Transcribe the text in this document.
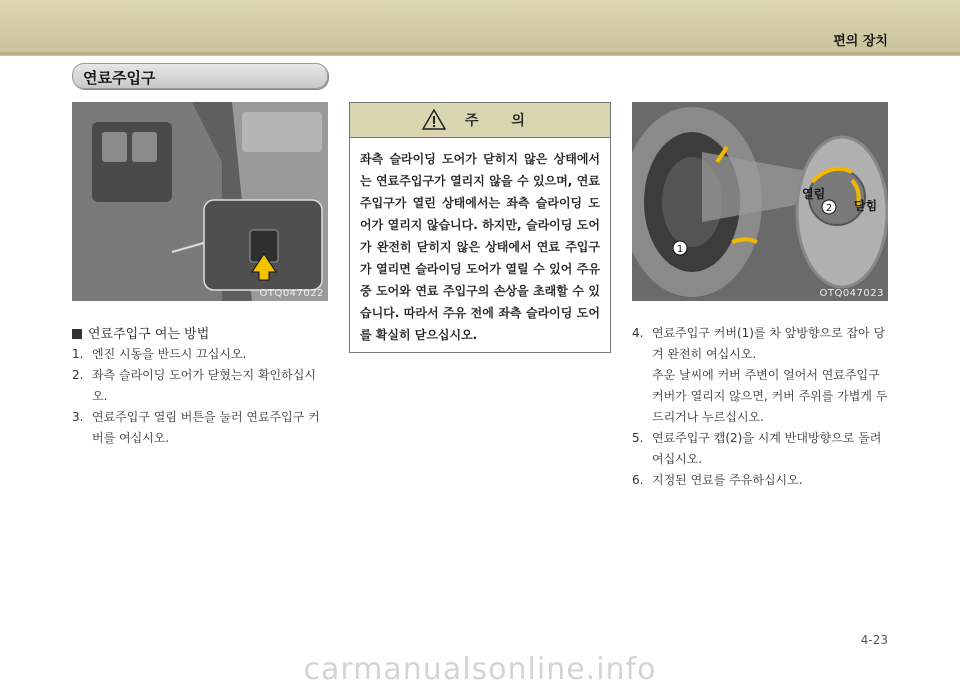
편의 장치
연료주입구
OTQ047022
연료주입구 여는 방법
1. 엔진 시동을 반드시 끄십시오.
2. 좌측 슬라이딩 도어가 닫혔는지 확인하십시오.
3. 연료주입구 열림 버튼을 눌러 연료주입구 커버를 여십시오.
주 의
좌측 슬라이딩 도어가 닫히지 않은 상태에서는 연료주입구가 열리지 않을 수 있으며, 연료주입구가 열린 상태에서는 좌측 슬라이딩 도어가 열리지 않습니다. 하지만, 슬라이딩 도어가 완전히 닫히지 않은 상태에서 연료 주입구가 열리면 슬라이딩 도어가 열릴 수 있어 주유 중 도어와 연료 주입구의 손상을 초래할 수 있습니다. 따라서 주유 전에 좌측 슬라이딩 도어를 확실히 닫으십시오.
1
2
열림
닫힘
OTQ047023
4. 연료주입구 커버(1)를 차 앞방향으로 잡아 당겨 완전히 여십시오.
추운 날씨에 커버 주변이 얼어서 연료주입구 커버가 열리지 않으면, 커버 주위를 가볍게 두드리거나 누르십시오.
5. 연료주입구 캡(2)을 시계 반대방향으로 돌려 여십시오.
6. 지정된 연료를 주유하십시오.
4-23
carmanualsonline.info
